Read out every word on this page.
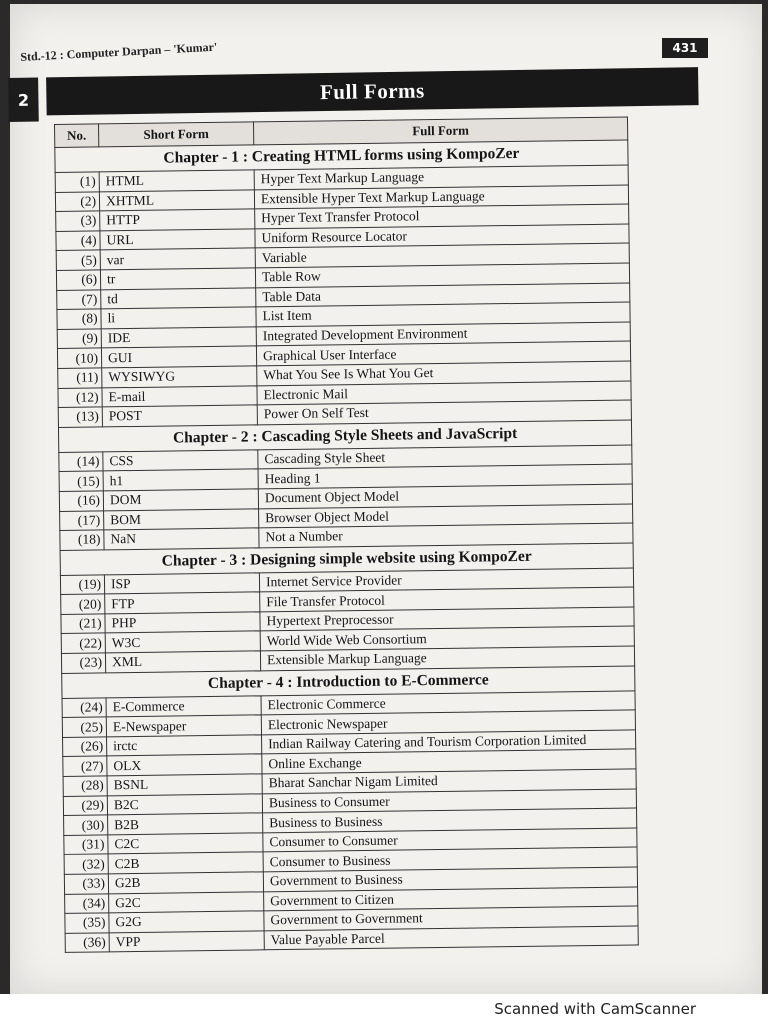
Std.-12 : Computer Darpan – 'Kumar'	431
2	Full Forms
No.	Short Form	Full Form
Chapter - 1 : Creating HTML forms using KompoZer		
(1)	HTML	Hyper Text Markup Language
(2)	XHTML	Extensible Hyper Text Markup Language
(3)	HTTP	Hyper Text Transfer Protocol
(4)	URL	Uniform Resource Locator
(5)	var	Variable
(6)	tr	Table Row
(7)	td	Table Data
(8)	li	List Item
(9)	IDE	Integrated Development Environment
(10)	GUI	Graphical User Interface
(11)	WYSIWYG	What You See Is What You Get
(12)	E-mail	Electronic Mail
(13)	POST	Power On Self Test
Chapter - 2 : Cascading Style Sheets and JavaScript		
(14)	CSS	Cascading Style Sheet
(15)	h1	Heading 1
(16)	DOM	Document Object Model
(17)	BOM	Browser Object Model
(18)	NaN	Not a Number
Chapter - 3 : Designing simple website using KompoZer		
(19)	ISP	Internet Service Provider
(20)	FTP	File Transfer Protocol
(21)	PHP	Hypertext Preprocessor
(22)	W3C	World Wide Web Consortium
(23)	XML	Extensible Markup Language
Chapter - 4 : Introduction to E-Commerce		
(24)	E-Commerce	Electronic Commerce
(25)	E-Newspaper	Electronic Newspaper
(26)	irctc	Indian Railway Catering and Tourism Corporation Limited
(27)	OLX	Online Exchange
(28)	BSNL	Bharat Sanchar Nigam Limited
(29)	B2C	Business to Consumer
(30)	B2B	Business to Business
(31)	C2C	Consumer to Consumer
(32)	C2B	Consumer to Business
(33)	G2B	Government to Business
(34)	G2C	Government to Citizen
(35)	G2G	Government to Government
(36)	VPP	Value Payable Parcel
Scanned with CamScanner
